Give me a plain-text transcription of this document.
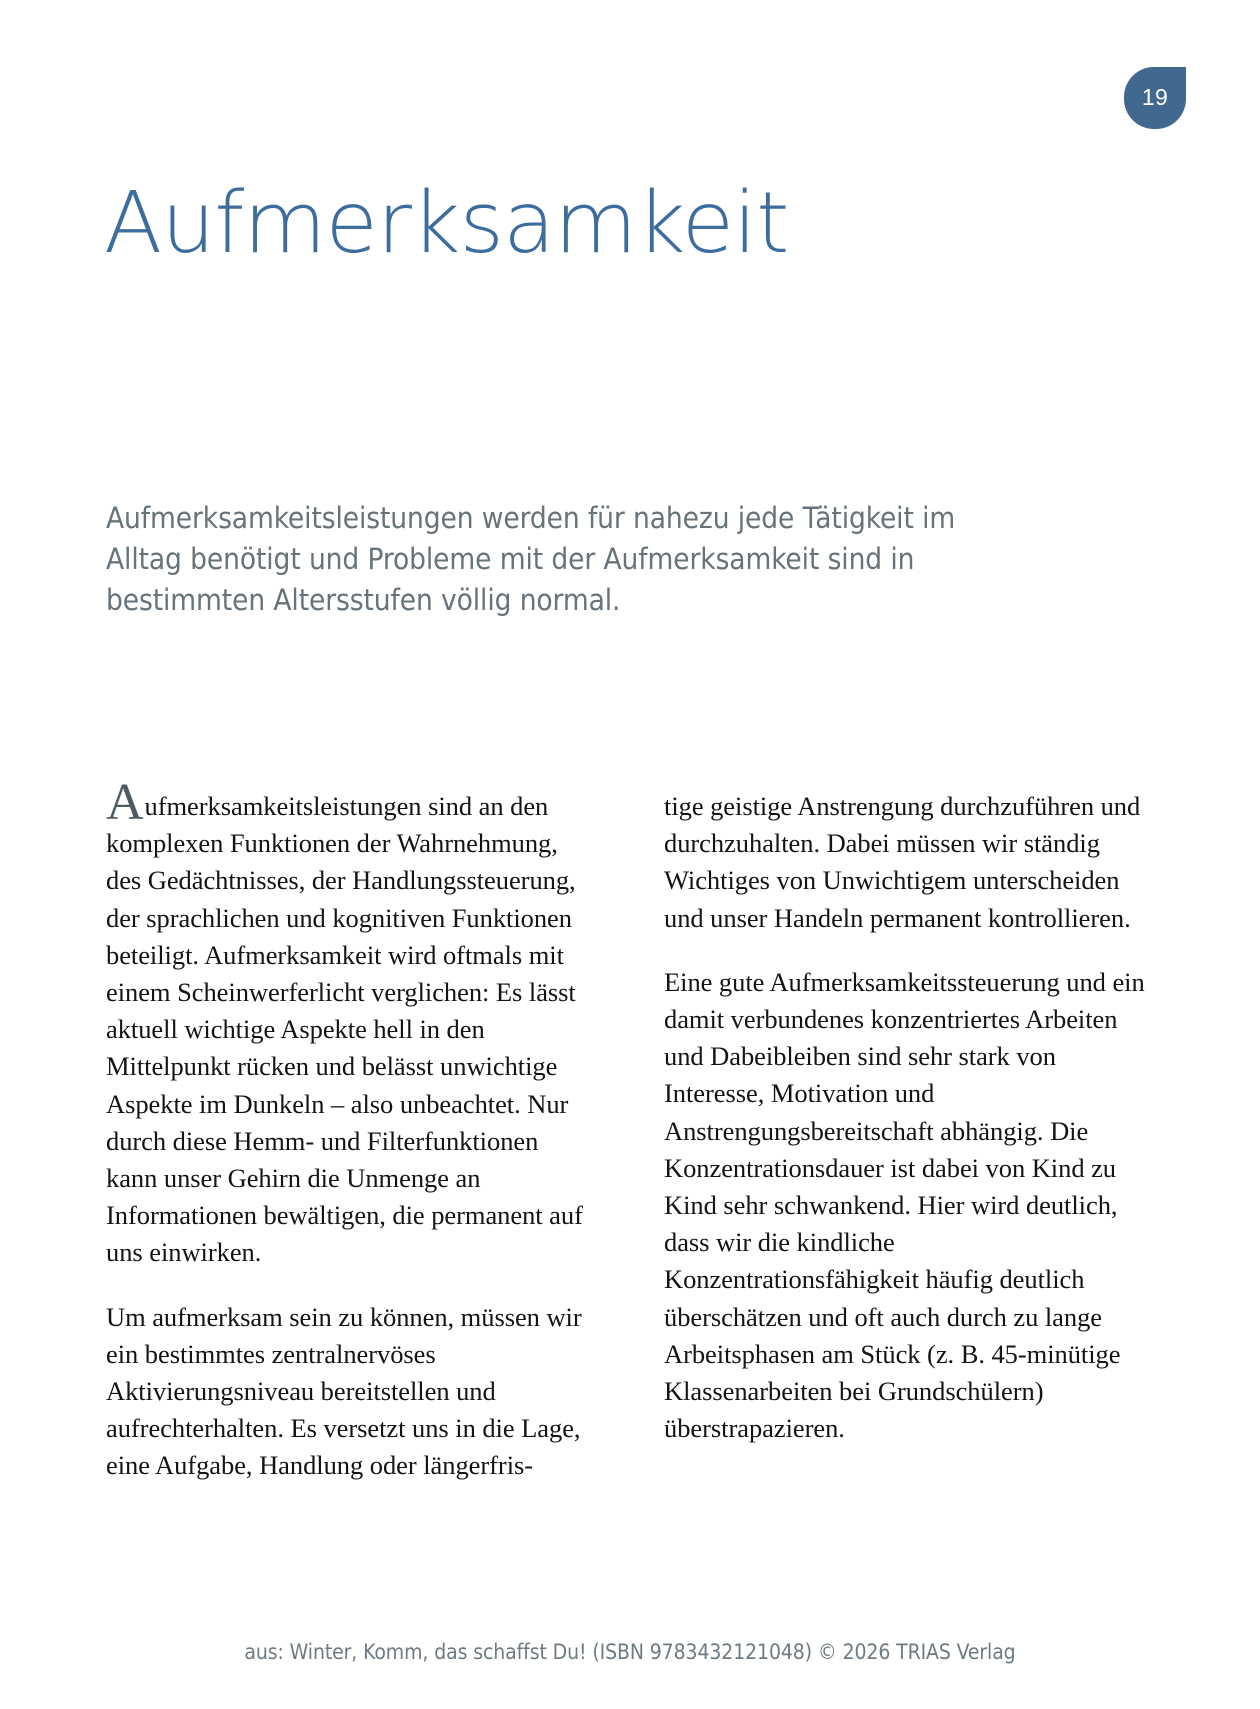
19
Aufmerksamkeit

Aufmerksamkeitsleistungen werden für nahezu jede Tätigkeit im Alltag benötigt und Probleme mit der Aufmerksamkeit sind in bestimmten Altersstufen völlig normal.

Aufmerksamkeitsleistungen sind an den komplexen Funktionen der Wahrnehmung, des Gedächtnisses, der Handlungssteuerung, der sprachlichen und kognitiven Funktionen beteiligt. Aufmerksamkeit wird oftmals mit einem Scheinwerferlicht verglichen: Es lässt aktuell wichtige Aspekte hell in den Mittelpunkt rücken und belässt unwichtige Aspekte im Dunkeln – also unbeachtet. Nur durch diese Hemm- und Filterfunktionen kann unser Gehirn die Unmenge an Informationen bewältigen, die permanent auf uns einwirken.

Um aufmerksam sein zu können, müssen wir ein bestimmtes zentralnervöses Aktivierungsniveau bereitstellen und aufrechterhalten. Es versetzt uns in die Lage, eine Aufgabe, Handlung oder längerfris-

tige geistige Anstrengung durchzuführen und durchzuhalten. Dabei müssen wir ständig Wichtiges von Unwichtigem unterscheiden und unser Handeln permanent kontrollieren.

Eine gute Aufmerksamkeitssteuerung und ein damit verbundenes konzentriertes Arbeiten und Dabeibleiben sind sehr stark von Interesse, Motivation und Anstrengungsbereitschaft abhängig. Die Konzentrationsdauer ist dabei von Kind zu Kind sehr schwankend. Hier wird deutlich, dass wir die kindliche Konzentrationsfähigkeit häufig deutlich überschätzen und oft auch durch zu lange Arbeitsphasen am Stück (z. B. 45-minütige Klassenarbeiten bei Grundschülern) überstrapazieren.

aus: Winter, Komm, das schaffst Du! (ISBN 9783432121048) © 2026 TRIAS Verlag
